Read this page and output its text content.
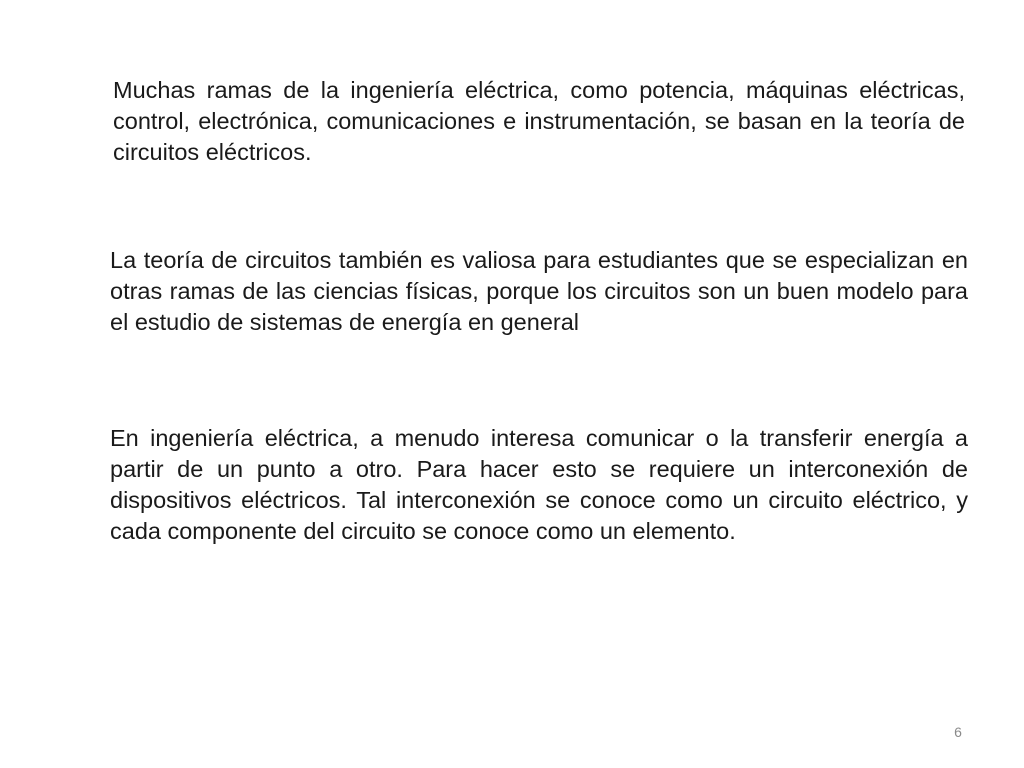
Muchas ramas de la ingeniería eléctrica, como potencia, máquinas eléctricas, control, electrónica, comunicaciones e instrumentación, se basan en la teoría de circuitos eléctricos.

La teoría de circuitos también es valiosa para estudiantes que se especializan en otras ramas de las ciencias físicas, porque los circuitos son un buen modelo para el estudio de sistemas de energía en general

En ingeniería eléctrica, a menudo interesa comunicar o la transferir energía a partir de un punto a otro. Para hacer esto se requiere un interconexión de dispositivos eléctricos. Tal interconexión se conoce como un circuito eléctrico, y cada componente del circuito se conoce como un elemento.

6
